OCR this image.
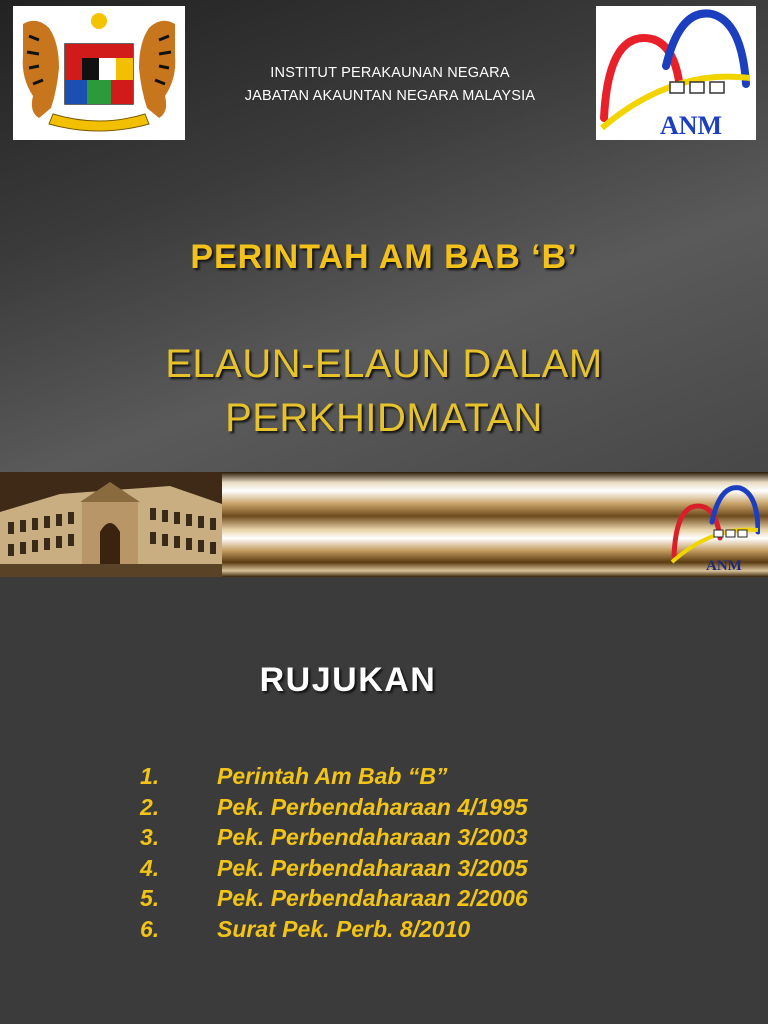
INSTITUT PERAKAUNAN NEGARA
JABATAN AKAUNTAN NEGARA MALAYSIA
ANM
PERINTAH AM BAB ‘B’
ELAUN-ELAUN DALAM
PERKHIDMATAN
ANM
RUJUKAN
1.	Perintah Am Bab “B”
2.	Pek. Perbendaharaan 4/1995
3.	Pek. Perbendaharaan 3/2003
4.	Pek. Perbendaharaan 3/2005
5.	Pek. Perbendaharaan 2/2006
6.	Surat Pek. Perb. 8/2010
